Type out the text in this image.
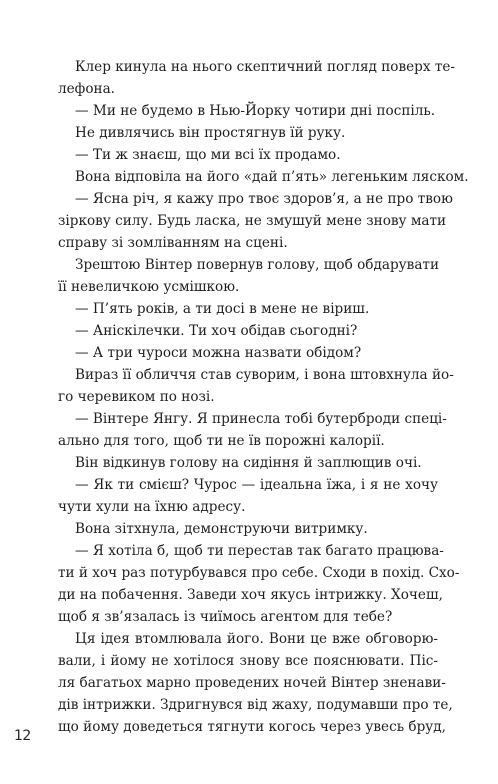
Клер кинула на нього скептичний погляд поверх те-
лефона.
— Ми не будемо в Нью-Йорку чотири дні поспіль.
Не дивлячись він простягнув їй руку.
— Ти ж знаєш, що ми всі їх продамо.
Вона відповіла на його «дай п’ять» легеньким ляском.
— Ясна річ, я кажу про твоє здоров’я, а не про твою
зіркову силу. Будь ласка, не змушуй мене знову мати
справу зі зомліванням на сцені.
Зрештою Вінтер повернув голову, щоб обдарувати
її невеличкою усмішкою.
— П’ять років, а ти досі в мене не віриш.
— Аніскілечки. Ти хоч обідав сьогодні?
— А три чуроси можна назвати обідом?
Вираз її обличчя став суворим, і вона штовхнула йо-
го черевиком по нозі.
— Вінтере Янгу. Я принесла тобі бутерброди спеці-
ально для того, щоб ти не їв порожні калорії.
Він відкинув голову на сидіння й заплющив очі.
— Як ти смієш? Чурос — ідеальна їжа, і я не хочу
чути хули на їхню адресу.
Вона зітхнула, демонструючи витримку.
— Я хотіла б, щоб ти перестав так багато працюва-
ти й хоч раз потурбувався про себе. Сходи в похід. Схо-
ди на побачення. Заведи хоч якусь інтрижку. Хочеш,
щоб я зв’язалась із чиїмось агентом для тебе?
Ця ідея втомлювала його. Вони це вже обговорю-
вали, і йому не хотілося знову все пояснювати. Піс-
ля багатьох марно проведених ночей Вінтер зненави-
дів інтрижки. Здригнувся від жаху, подумавши про те,
що йому доведеться тягнути когось через увесь бруд,
12
